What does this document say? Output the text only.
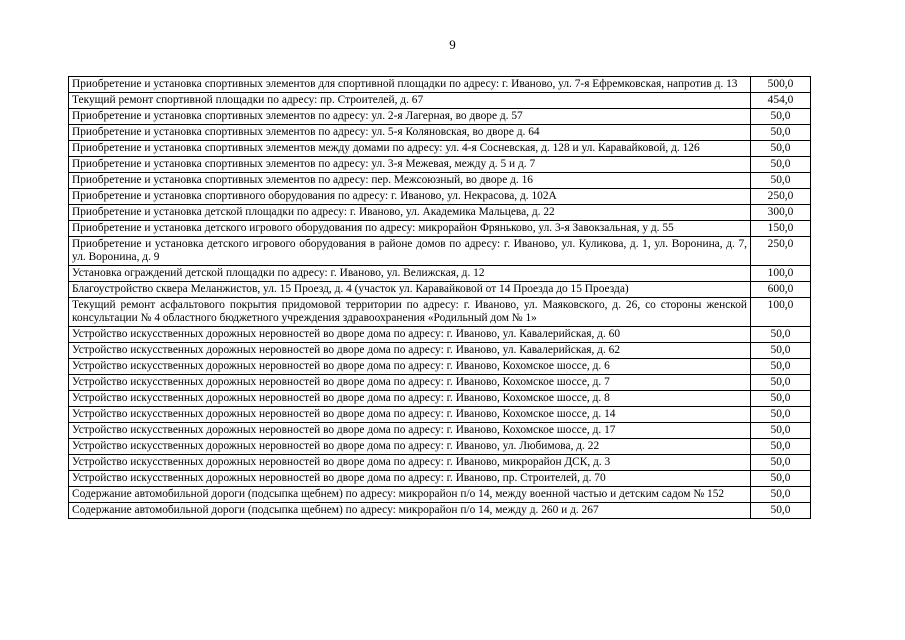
9
Приобретение и установка спортивных элементов для спортивной площадки по адресу: г. Иваново, ул. 7-я Ефремковская, напротив д. 13	500,0
Текущий ремонт спортивной площадки по адресу: пр. Строителей, д. 67	454,0
Приобретение и установка спортивных элементов по адресу: ул. 2-я Лагерная, во дворе д. 57	50,0
Приобретение и установка спортивных элементов по адресу: ул. 5-я Коляновская, во дворе д. 64	50,0
Приобретение и установка спортивных элементов между домами по адресу: ул. 4-я Сосневская, д. 128 и ул. Каравайковой, д. 126	50,0
Приобретение и установка спортивных элементов по адресу: ул. 3-я Межевая, между д. 5 и д. 7	50,0
Приобретение и установка спортивных элементов по адресу: пер. Межсоюзный, во дворе д. 16	50,0
Приобретение и установка спортивного оборудования по адресу: г. Иваново, ул. Некрасова, д. 102А	250,0
Приобретение и установка детской площадки по адресу: г. Иваново, ул. Академика Мальцева, д. 22	300,0
Приобретение и установка детского игрового оборудования по адресу: микрорайон Фряньково, ул. 3-я Завокзальная, у д. 55	150,0
Приобретение и установка детского игрового оборудования в районе домов по адресу: г. Иваново, ул. Куликова, д. 1, ул. Воронина, д. 7, ул. Воронина, д. 9	250,0
Установка ограждений детской площадки по адресу: г. Иваново, ул. Велижская, д. 12	100,0
Благоустройство сквера Меланжистов, ул. 15 Проезд, д. 4 (участок ул. Каравайковой от 14 Проезда до 15 Проезда)	600,0
Текущий ремонт асфальтового покрытия придомовой территории по адресу: г. Иваново, ул. Маяковского, д. 26, со стороны женской консультации № 4 областного бюджетного учреждения здравоохранения «Родильный дом № 1»	100,0
Устройство искусственных дорожных неровностей во дворе дома по адресу: г. Иваново, ул. Кавалерийская, д. 60	50,0
Устройство искусственных дорожных неровностей во дворе дома по адресу: г. Иваново, ул. Кавалерийская, д. 62	50,0
Устройство искусственных дорожных неровностей во дворе дома по адресу: г. Иваново, Кохомское шоссе, д. 6	50,0
Устройство искусственных дорожных неровностей во дворе дома по адресу: г. Иваново, Кохомское шоссе, д. 7	50,0
Устройство искусственных дорожных неровностей во дворе дома по адресу: г. Иваново, Кохомское шоссе, д. 8	50,0
Устройство искусственных дорожных неровностей во дворе дома по адресу: г. Иваново, Кохомское шоссе, д. 14	50,0
Устройство искусственных дорожных неровностей во дворе дома по адресу: г. Иваново, Кохомское шоссе, д. 17	50,0
Устройство искусственных дорожных неровностей во дворе дома по адресу: г. Иваново, ул. Любимова, д. 22	50,0
Устройство искусственных дорожных неровностей во дворе дома по адресу: г. Иваново, микрорайон ДСК, д. 3	50,0
Устройство искусственных дорожных неровностей во дворе дома по адресу: г. Иваново, пр. Строителей, д. 70	50,0
Содержание автомобильной дороги (подсыпка щебнем) по адресу: микрорайон п/о 14, между военной частью и детским садом № 152	50,0
Содержание автомобильной дороги (подсыпка щебнем) по адресу: микрорайон п/о 14, между д. 260 и д. 267	50,0
